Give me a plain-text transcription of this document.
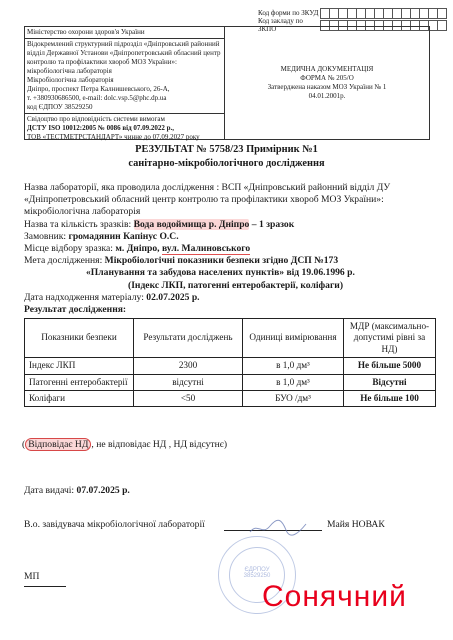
Код форми по ЗКУД
Код закладу по ЗКПО
Міністерство охорони здоров'я України
Відокремлений структурний підрозділ «Дніпровський районний відділ Державної Установи «Дніпропетровський обласний центр контролю та профілактики хвороб МОЗ України»: мікробіологічна лабораторія
Мікробіологічна лабораторія
Дніпро, проспект Петра Калнишевського, 26-А,
т. +380930686500, e-mail: dolc.vsp.5@phc.dp.ua
код ЄДПОУ 38529250
Свідоцтво про відповідність системи вимогам
ДСТУ ISO 10012:2005 № 0086 від 07.09.2022 р.,
ТОВ «ТЕСТМЕТРСТАНДАРТ» чинне до 07.09.2027 року
МЕДИЧНА ДОКУМЕНТАЦІЯ
ФОРМА № 205/О
Затверджена наказом МОЗ України № 1
04.01.2001р.
РЕЗУЛЬТАТ № 5758/23 Примірник №1
санітарно-мікробіологічного дослідження
Назва лабораторії, яка проводила дослідження : ВСП «Дніпровський районний відділ ДУ «Дніпропетровський обласний центр контролю та профілактики хвороб МОЗ України»: мікробіологічна лабораторія
Назва та кількість зразків: Вода водоймища р. Дніпро – 1 зразок
Замовник: громадянин Капінус О.С.
Місце відбору зразка: м. Дніпро, вул. Малиновського
Мета дослідження: Мікробіологічні показники безпеки згідно ДСП №173
«Планування та забудова населених пунктів» від 19.06.1996 р.
(Індекс ЛКП, патогенні ентеробактерії, коліфаги)
Дата надходження матеріалу: 02.07.2025 р.
Результат дослідження:
Показники безпеки	Результати досліджень	Одиниці вимірювання	МДР (максимально-допустимі рівні за НД)
Індекс ЛКП	2300	в 1,0 дм³	Не більше 5000
Патогенні ентеробактерії	відсутні	в 1,0 дм³	Відсутні
Коліфаги	<50	БУО /дм³	Не більше 100
( Відповідає НД , не відповідає НД , НД відсутнє)
Дата видачі: 07.07.2025 р.
В.о. завідувача мікробіологічної лабораторії	Майя НОВАК
ЄДРПОУ 38529250
МП
Сонячний
